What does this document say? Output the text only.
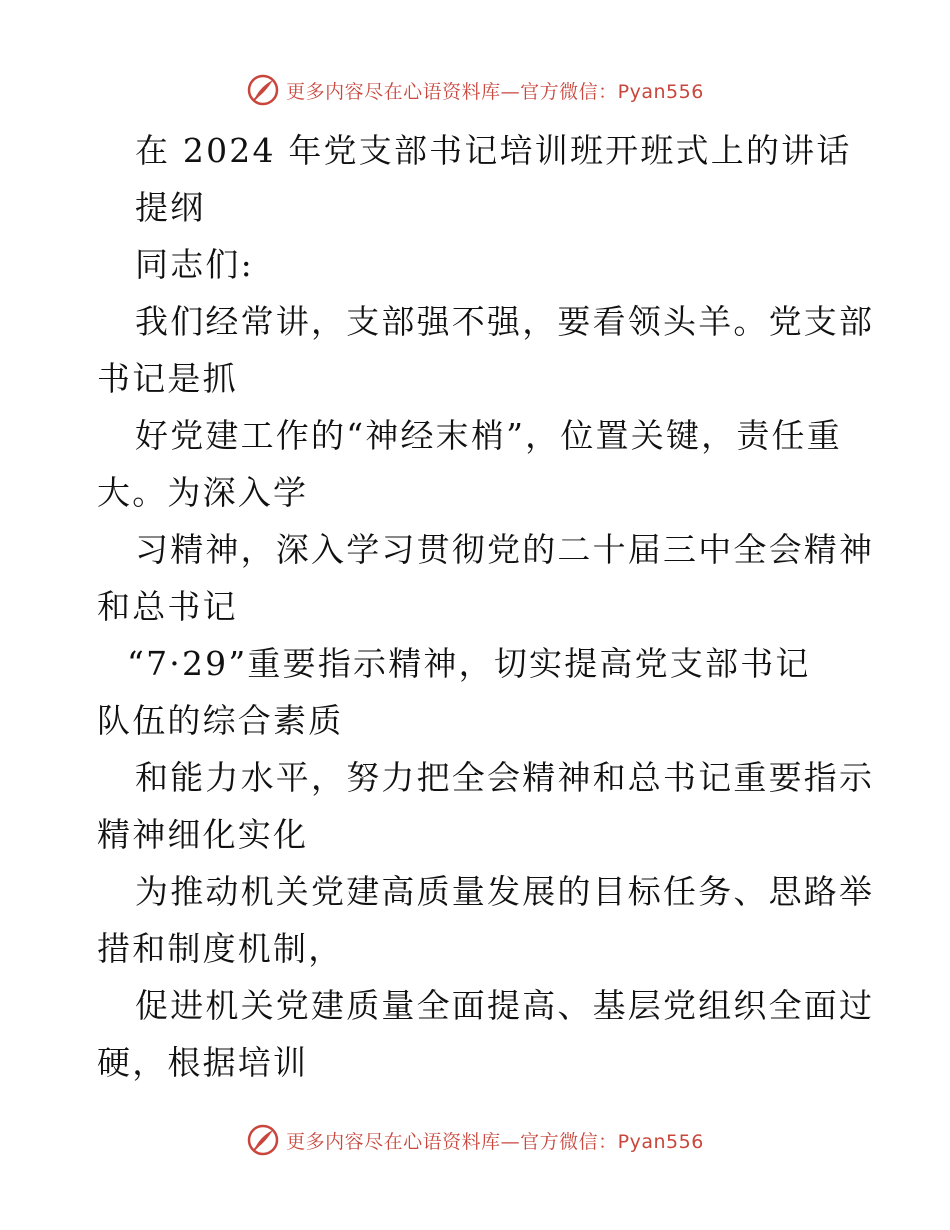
更多内容尽在心语资料库—官方微信：Pyan556
在 2024 年党支部书记培训班开班式上的讲话
提纲
同志们:
我们经常讲，支部强不强，要看领头羊。党支部
书记是抓
好党建工作的“神经末梢”，位置关键，责任重
大。为深入学
习精神，深入学习贯彻党的二十届三中全会精神
和总书记
“7·29”重要指示精神，切实提高党支部书记
队伍的综合素质
和能力水平，努力把全会精神和总书记重要指示
精神细化实化
为推动机关党建高质量发展的目标任务、思路举
措和制度机制，
促进机关党建质量全面提高、基层党组织全面过
硬，根据培训
更多内容尽在心语资料库—官方微信：Pyan556
